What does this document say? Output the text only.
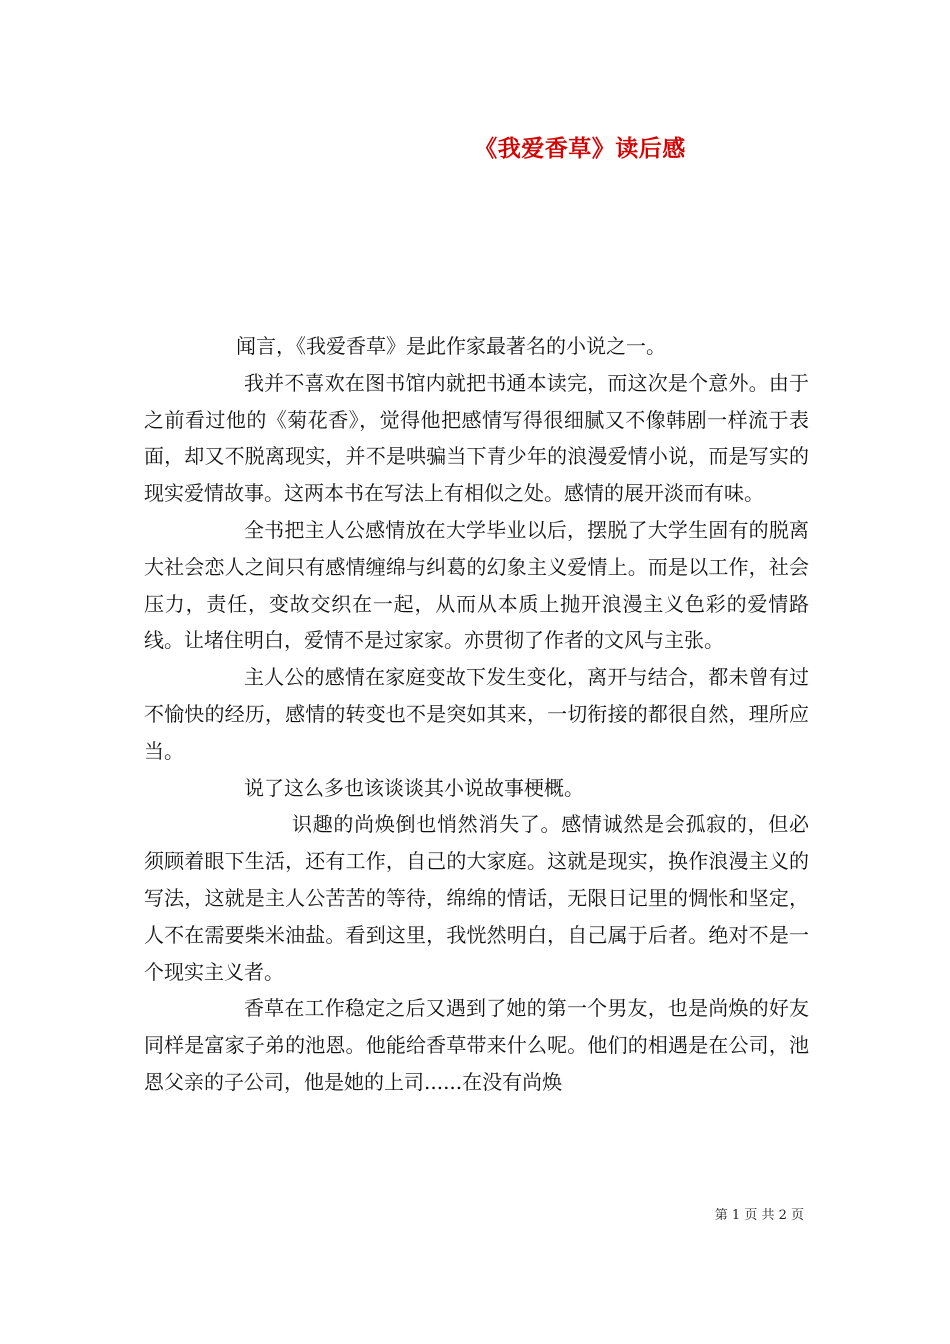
《我爱香草》读后感

闻言，《我爱香草》是此作家最著名的小说之一。

我并不喜欢在图书馆内就把书通本读完，而这次是个意外。由于之前看过他的《菊花香》，觉得他把感情写得很细腻又不像韩剧一样流于表面，却又不脱离现实，并不是哄骗当下青少年的浪漫爱情小说，而是写实的现实爱情故事。这两本书在写法上有相似之处。感情的展开淡而有味。

全书把主人公感情放在大学毕业以后，摆脱了大学生固有的脱离大社会恋人之间只有感情缠绵与纠葛的幻象主义爱情上。而是以工作，社会压力，责任，变故交织在一起，从而从本质上抛开浪漫主义色彩的爱情路线。让堵住明白，爱情不是过家家。亦贯彻了作者的文风与主张。

主人公的感情在家庭变故下发生变化，离开与结合，都未曾有过不愉快的经历，感情的转变也不是突如其来，一切衔接的都很自然，理所应当。

说了这么多也该谈谈其小说故事梗概。

识趣的尚焕倒也悄然消失了。感情诚然是会孤寂的，但必须顾着眼下生活，还有工作，自己的大家庭。这就是现实，换作浪漫主义的写法，这就是主人公苦苦的等待，绵绵的情话，无限日记里的惆怅和坚定，人不在需要柴米油盐。看到这里，我恍然明白，自己属于后者。绝对不是一个现实主义者。

香草在工作稳定之后又遇到了她的第一个男友，也是尚焕的好友同样是富家子弟的池恩。他能给香草带来什么呢。他们的相遇是在公司，池恩父亲的子公司，他是她的上司......在没有尚焕

第 1 页 共 2 页
